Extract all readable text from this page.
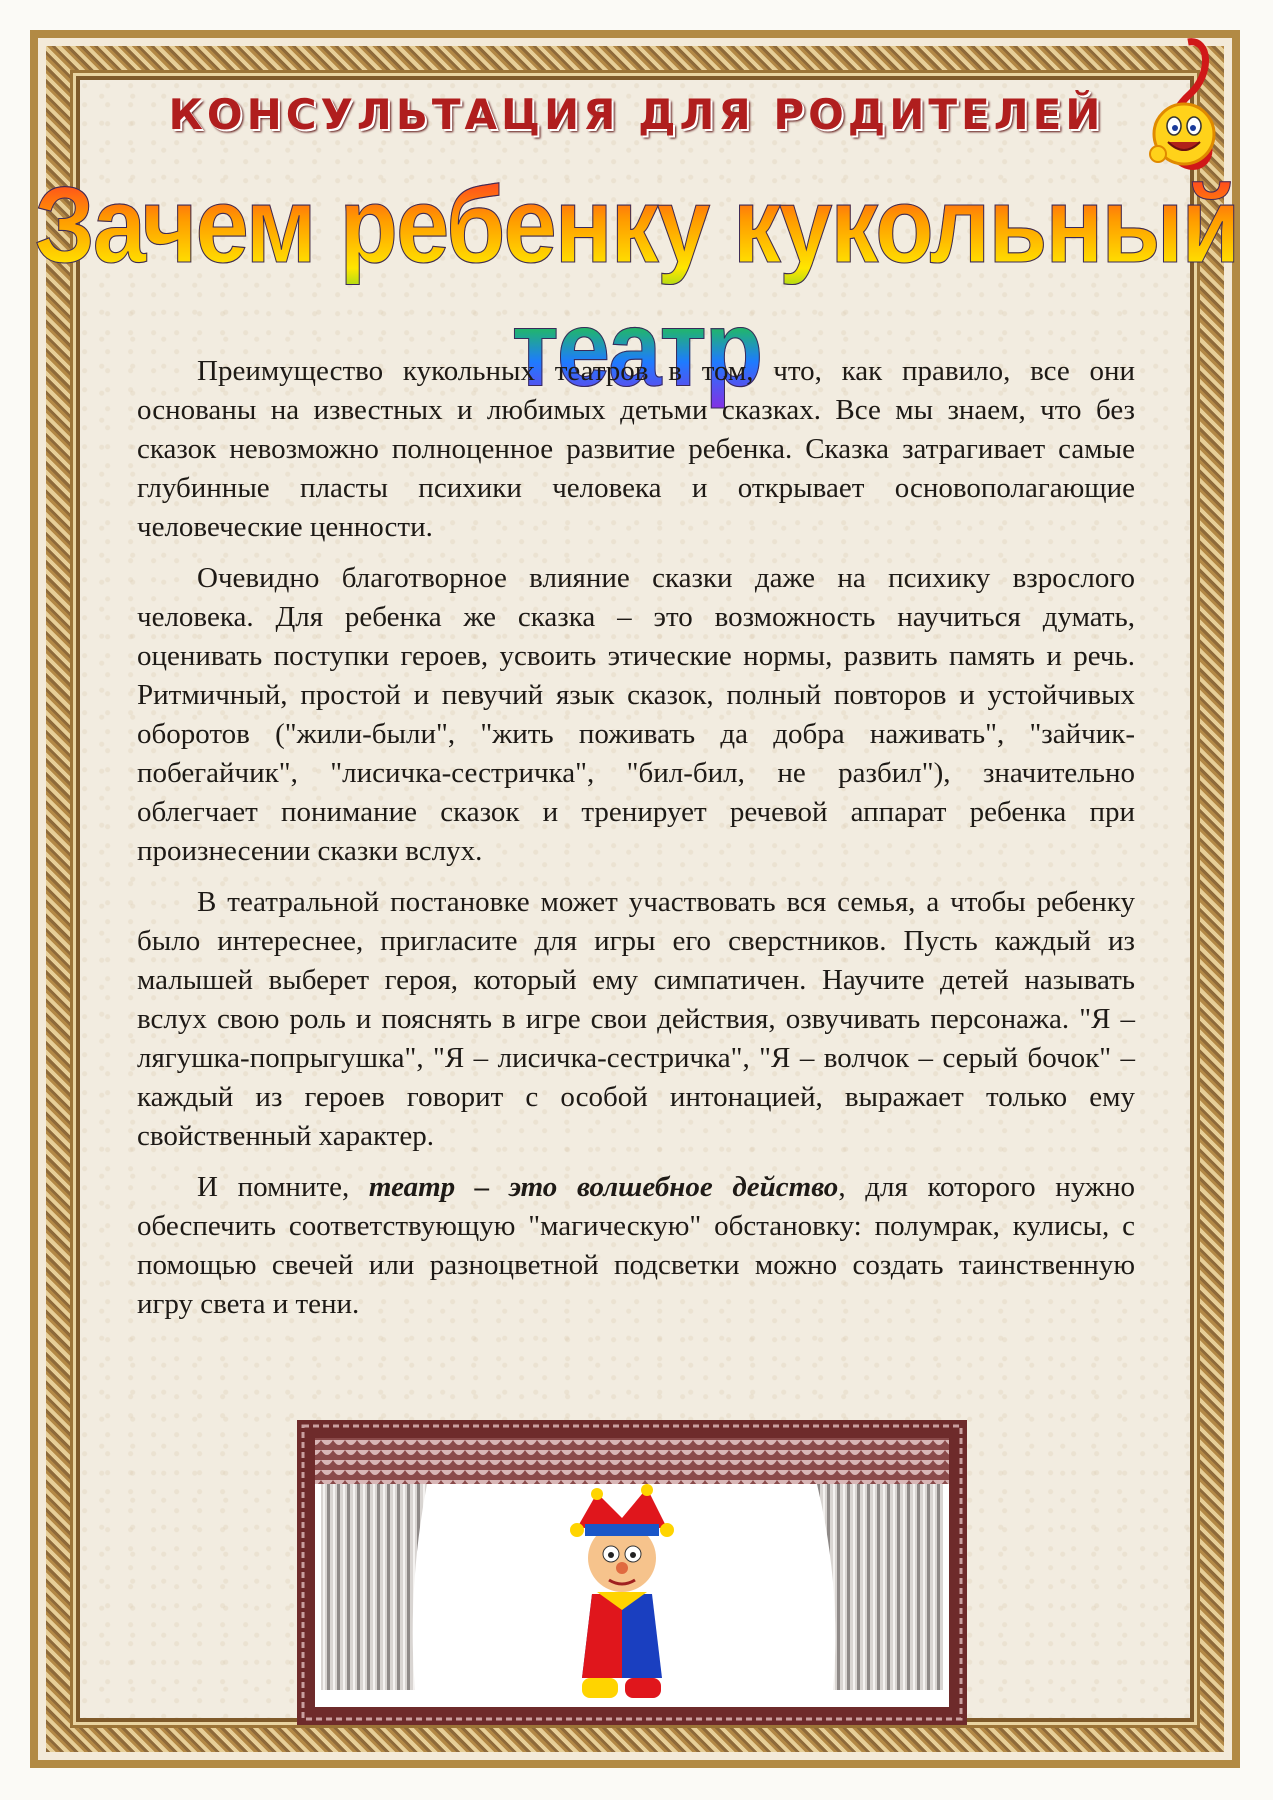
КОНСУЛЬТАЦИЯ ДЛЯ РОДИТЕЛЕЙ
Зачем ребенку кукольный театр

Преимущество кукольных театров в том, что, как правило, все они основаны на известных и любимых детьми сказках. Все мы знаем, что без сказок невозможно полноценное развитие ребенка. Сказка затрагивает самые глубинные пласты психики человека и открывает основополагающие человеческие ценности.

Очевидно благотворное влияние сказки даже на психику взрослого человека. Для ребенка же сказка – это возможность научиться думать, оценивать поступки героев, усвоить этические нормы, развить память и речь. Ритмичный, простой и певучий язык сказок, полный повторов и устойчивых оборотов ("жили-были", "жить поживать да добра наживать", "зайчик-побегайчик", "лисичка-сестричка", "бил-бил, не разбил"), значительно облегчает понимание сказок и тренирует речевой аппарат ребенка при произнесении сказки вслух.

В театральной постановке может участвовать вся семья, а чтобы ребенку было интереснее, пригласите для игры его сверстников. Пусть каждый из малышей выберет героя, который ему симпатичен. Научите детей называть вслух свою роль и пояснять в игре свои действия, озвучивать персонажа. "Я – лягушка-попрыгушка", "Я – лисичка-сестричка", "Я – волчок – серый бочок" – каждый из героев говорит с особой интонацией, выражает только ему свойственный характер.

И помните, театр – это волшебное действо, для которого нужно обеспечить соответствующую "магическую" обстановку: полумрак, кулисы, с помощью свечей или разноцветной подсветки можно создать таинственную игру света и тени.
